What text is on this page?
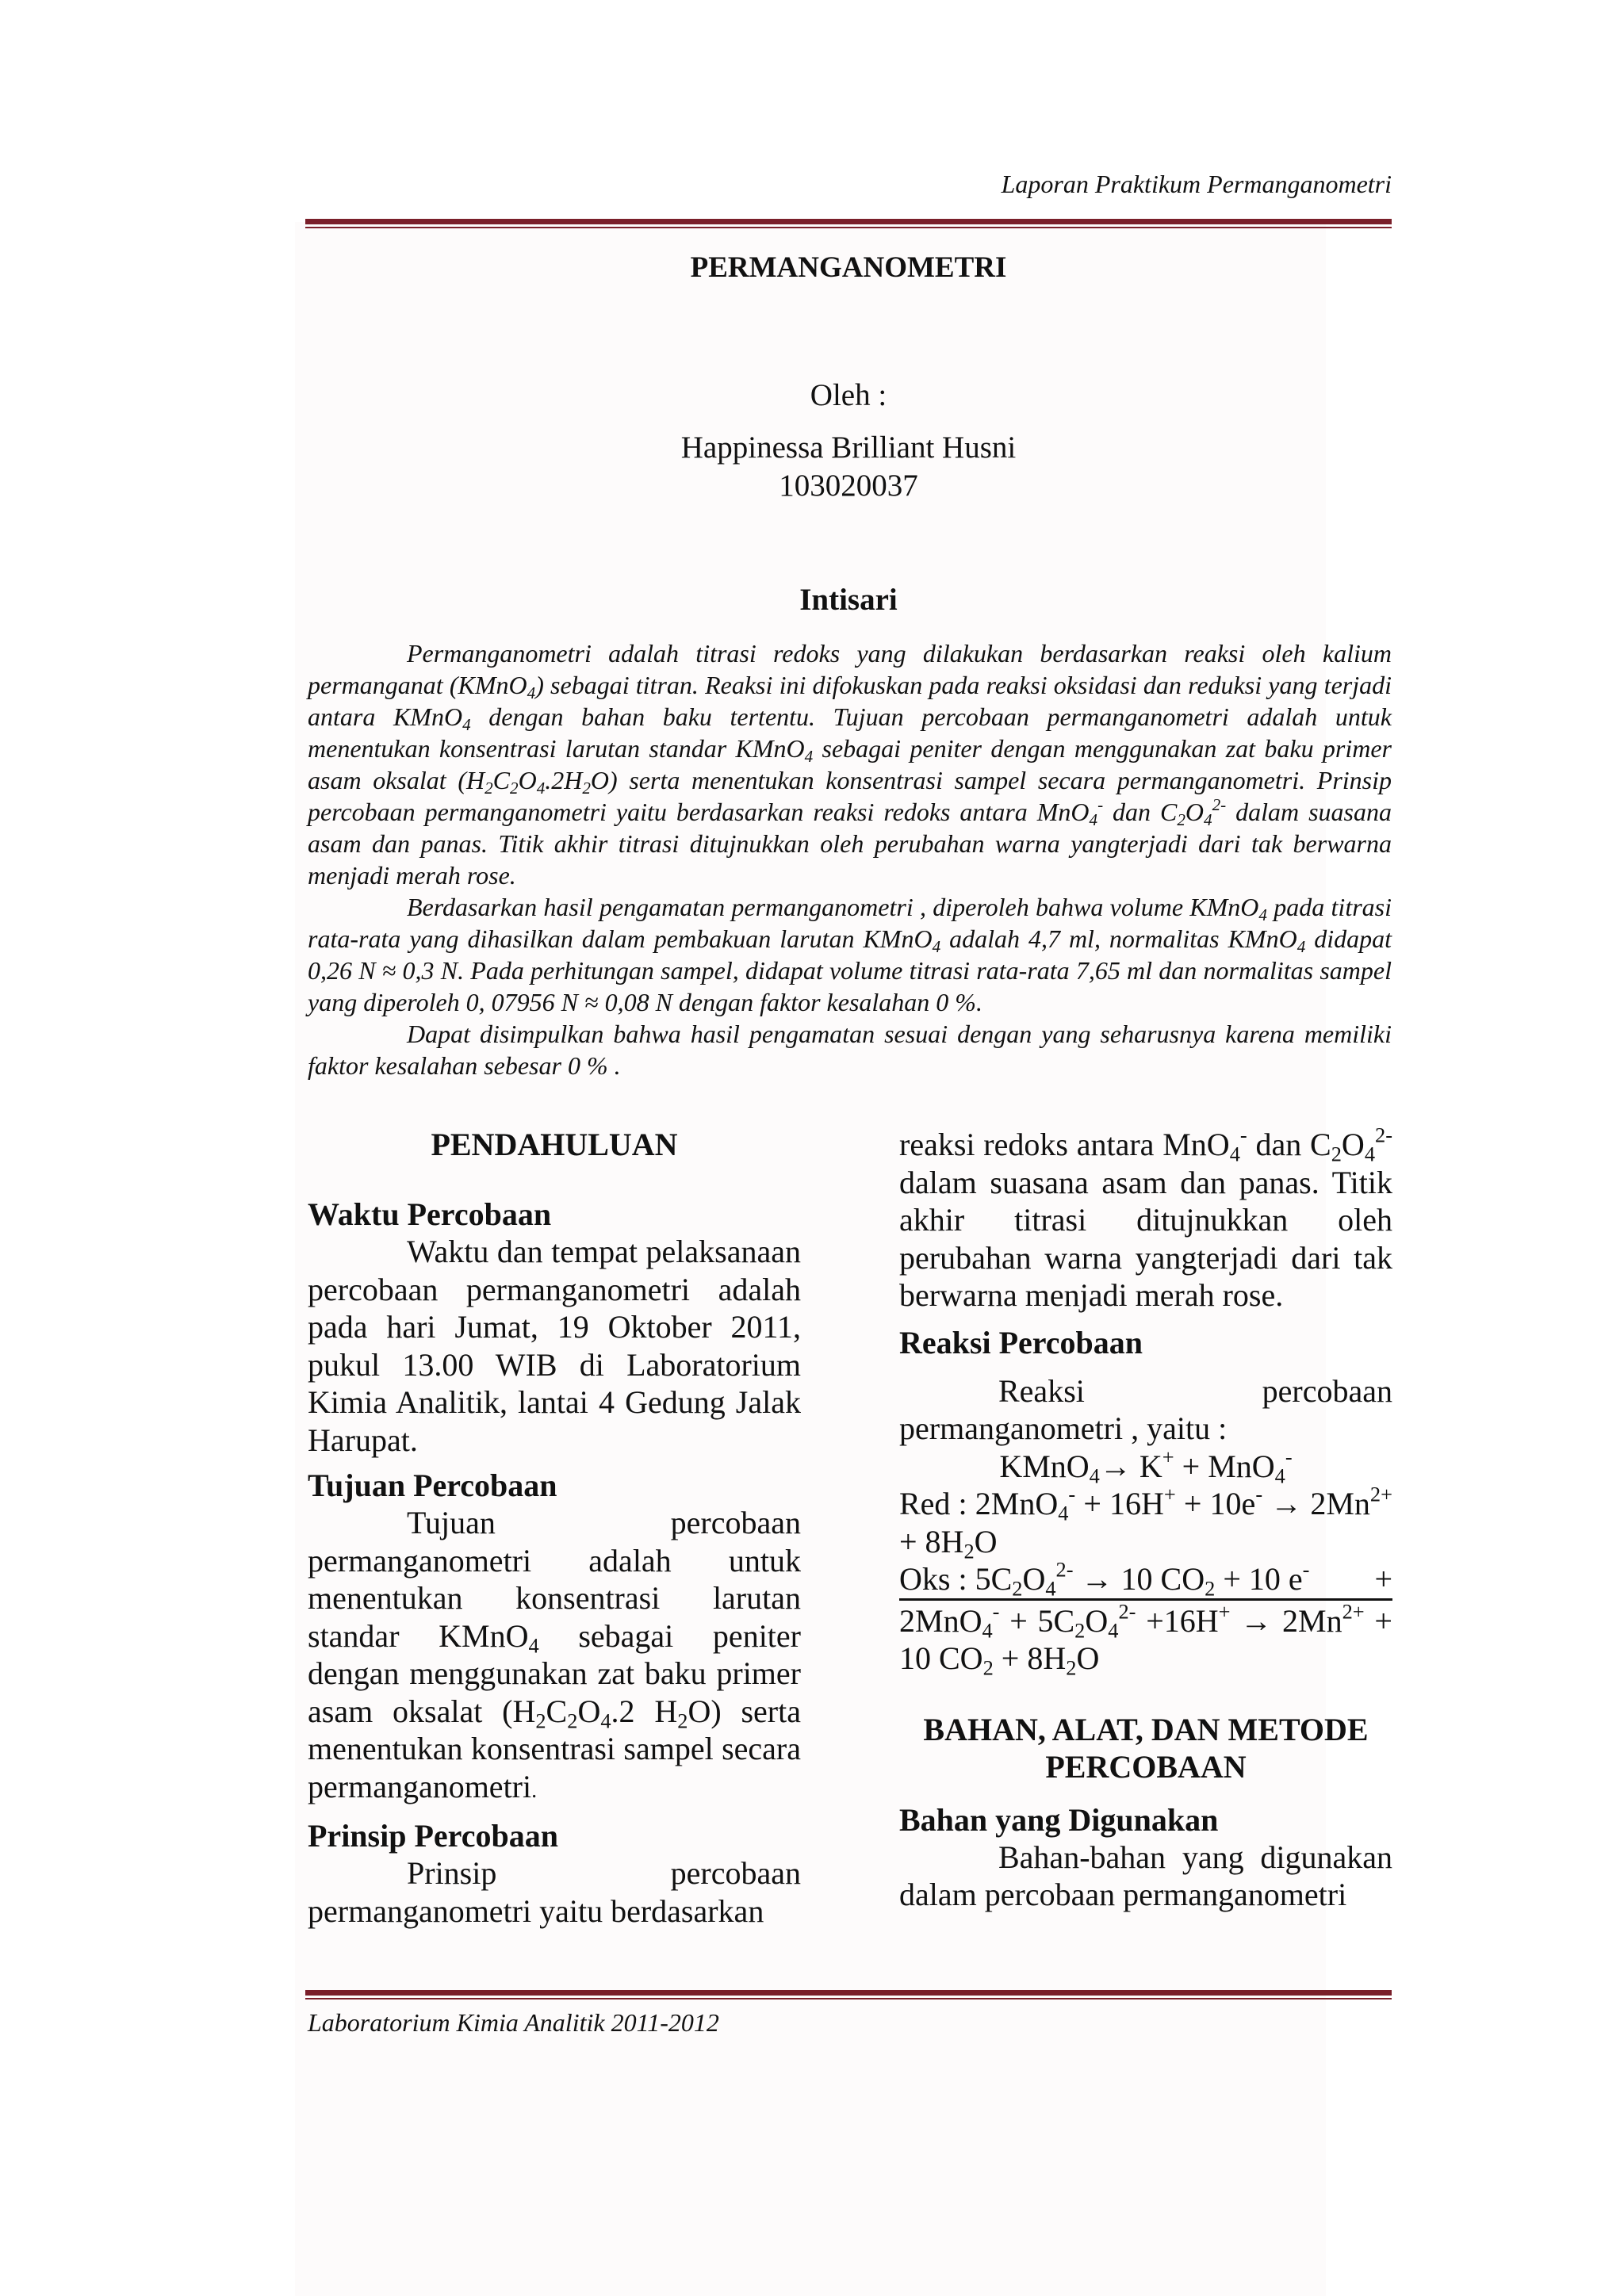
Laporan Praktikum Permanganometri
PERMANGANOMETRI
Oleh :
Happinessa Brilliant Husni
103020037
Intisari

Permanganometri adalah titrasi redoks yang dilakukan berdasarkan reaksi oleh kalium permanganat (KMnO$_4$) sebagai titran. Reaksi ini difokuskan pada reaksi oksidasi dan reduksi yang terjadi antara KMnO$_4$ dengan bahan baku tertentu. Tujuan percobaan permanganometri adalah untuk menentukan konsentrasi larutan standar KMnO$_4$ sebagai peniter dengan menggunakan zat baku primer asam oksalat $(H_2C_2O_4.2H_2O)$ serta menentukan konsentrasi sampel secara permanganometri. Prinsip percobaan permanganometri yaitu berdasarkan reaksi redoks antara MnO$_4$- dan $C_2O_4^{2-}$ dalam suasana asam dan panas. Titik akhir titrasi ditujnukkan oleh perubahan warna yangterjadi dari tak berwarna menjadi merah rose.

Berdasarkan hasil pengamatan permanganometri , diperoleh bahwa volume KMnO$_4$ pada titrasi rata-rata yang dihasilkan dalam pembakuan larutan KMnO$_4$ adalah 4,7 ml, normalitas KMnO$_4$ didapat 0,26 N ≈ 0,3 N. Pada perhitungan sampel, didapat volume titrasi rata-rata 7,65 ml dan normalitas sampel yang diperoleh 0, 07956 N ≈ 0,08 N dengan faktor kesalahan 0 %.

Dapat disimpulkan bahwa hasil pengamatan sesuai dengan yang seharusnya karena memiliki faktor kesalahan sebesar 0 % .

PENDAHULUAN

Waktu Percobaan

Waktu dan tempat pelaksanaan percobaan permanganometri adalah pada hari Jumat, 19 Oktober 2011, pukul 13.00 WIB di Laboratorium Kimia Analitik, lantai 4 Gedung Jalak Harupat.

Tujuan Percobaan

Tujuan percobaan permanganometri adalah untuk menentukan konsentrasi larutan standar KMnO$_4$ sebagai peniter dengan menggunakan zat baku primer asam oksalat ($H_2C_2O_4.2$ $H_2O$) serta menentukan konsentrasi sampel secara permanganometri.

Prinsip Percobaan

Prinsip percobaan permanganometri yaitu berdasarkan

reaksi redoks antara MnO$_4$- dan $C_2O_4^{2-}$ dalam suasana asam dan panas. Titik akhir titrasi ditujnukkan oleh perubahan warna yangterjadi dari tak berwarna menjadi merah rose.

Reaksi Percobaan

Reaksi percobaan permanganometri , yaitu :

KMnO$_4$→ K+ + MnO$_4$-

Red : $2MnO_4^- + 16H^+ + 10e^- \to 2Mn^{2+} + 8H_2O$

Oks : $5C_2O_4^{2-} \to 10$ $CO_2 + 10$ e- +

$2MnO_4^- + 5C_2O_4^{2-} +16H^+ \to 2Mn^{2+} + 10$ $CO_2 + 8H_2O$

BAHAN, ALAT, DAN METODE PERCOBAAN

Bahan yang Digunakan

Bahan-bahan yang digunakan dalam percobaan permanganometri

Laboratorium Kimia Analitik 2011-2012
